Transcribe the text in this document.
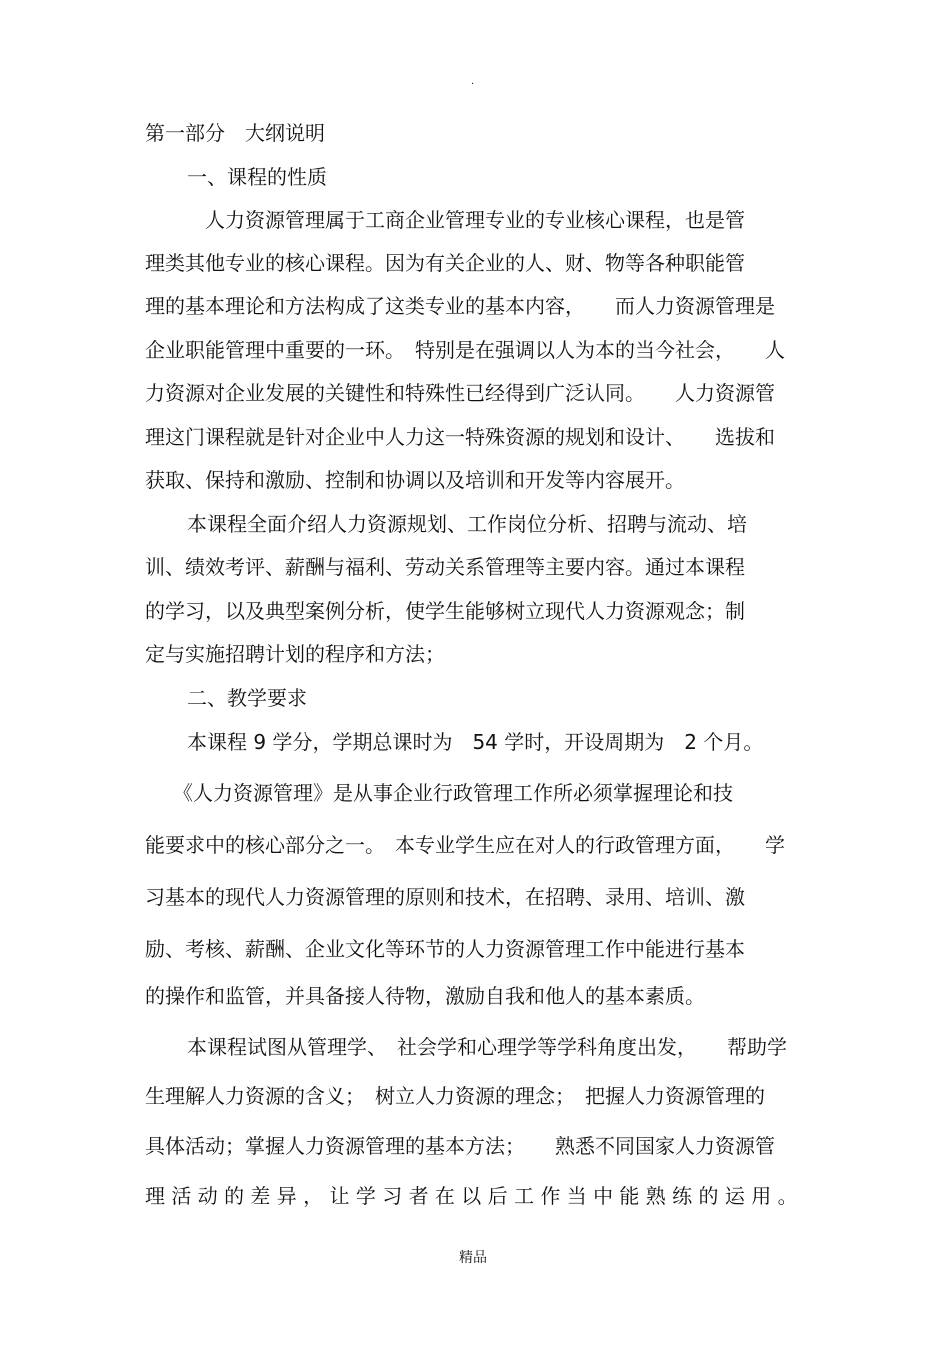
.
第一部分　大纲说明
一、课程的性质
人力资源管理属于工商企业管理专业的专业核心课程，也是管
理类其他专业的核心课程。因为有关企业的人、财、物等各种职能管
理的基本理论和方法构成了这类专业的基本内容，　　而人力资源管理是
企业职能管理中重要的一环。　特别是在强调以人为本的当今社会，　　人
力资源对企业发展的关键性和特殊性已经得到广泛认同。　　人力资源管
理这门课程就是针对企业中人力这一特殊资源的规划和设计、　　选拔和
获取、保持和激励、控制和协调以及培训和开发等内容展开。
本课程全面介绍人力资源规划、工作岗位分析、招聘与流动、培
训、绩效考评、薪酬与福利、劳动关系管理等主要内容。通过本课程
的学习，以及典型案例分析，使学生能够树立现代人力资源观念；制
定与实施招聘计划的程序和方法；
二、教学要求
本课程 9 学分，学期总课时为　54 学时，开设周期为　2 个月。
《人力资源管理》是从事企业行政管理工作所必须掌握理论和技
能要求中的核心部分之一。　本专业学生应在对人的行政管理方面，　　学
习基本的现代人力资源管理的原则和技术，在招聘、录用、培训、激
励、考核、薪酬、企业文化等环节的人力资源管理工作中能进行基本
的操作和监管，并具备接人待物，激励自我和他人的基本素质。
本课程试图从管理学、　社会学和心理学等学科角度出发，　　帮助学
生理解人力资源的含义；　树立人力资源的理念；　把握人力资源管理的
具体活动；掌握人力资源管理的基本方法；　　熟悉不同国家人力资源管
理 活 动 的 差 异 ， 让 学 习 者 在 以 后 工 作 当 中 能 熟 练 的 运 用 。
精品
